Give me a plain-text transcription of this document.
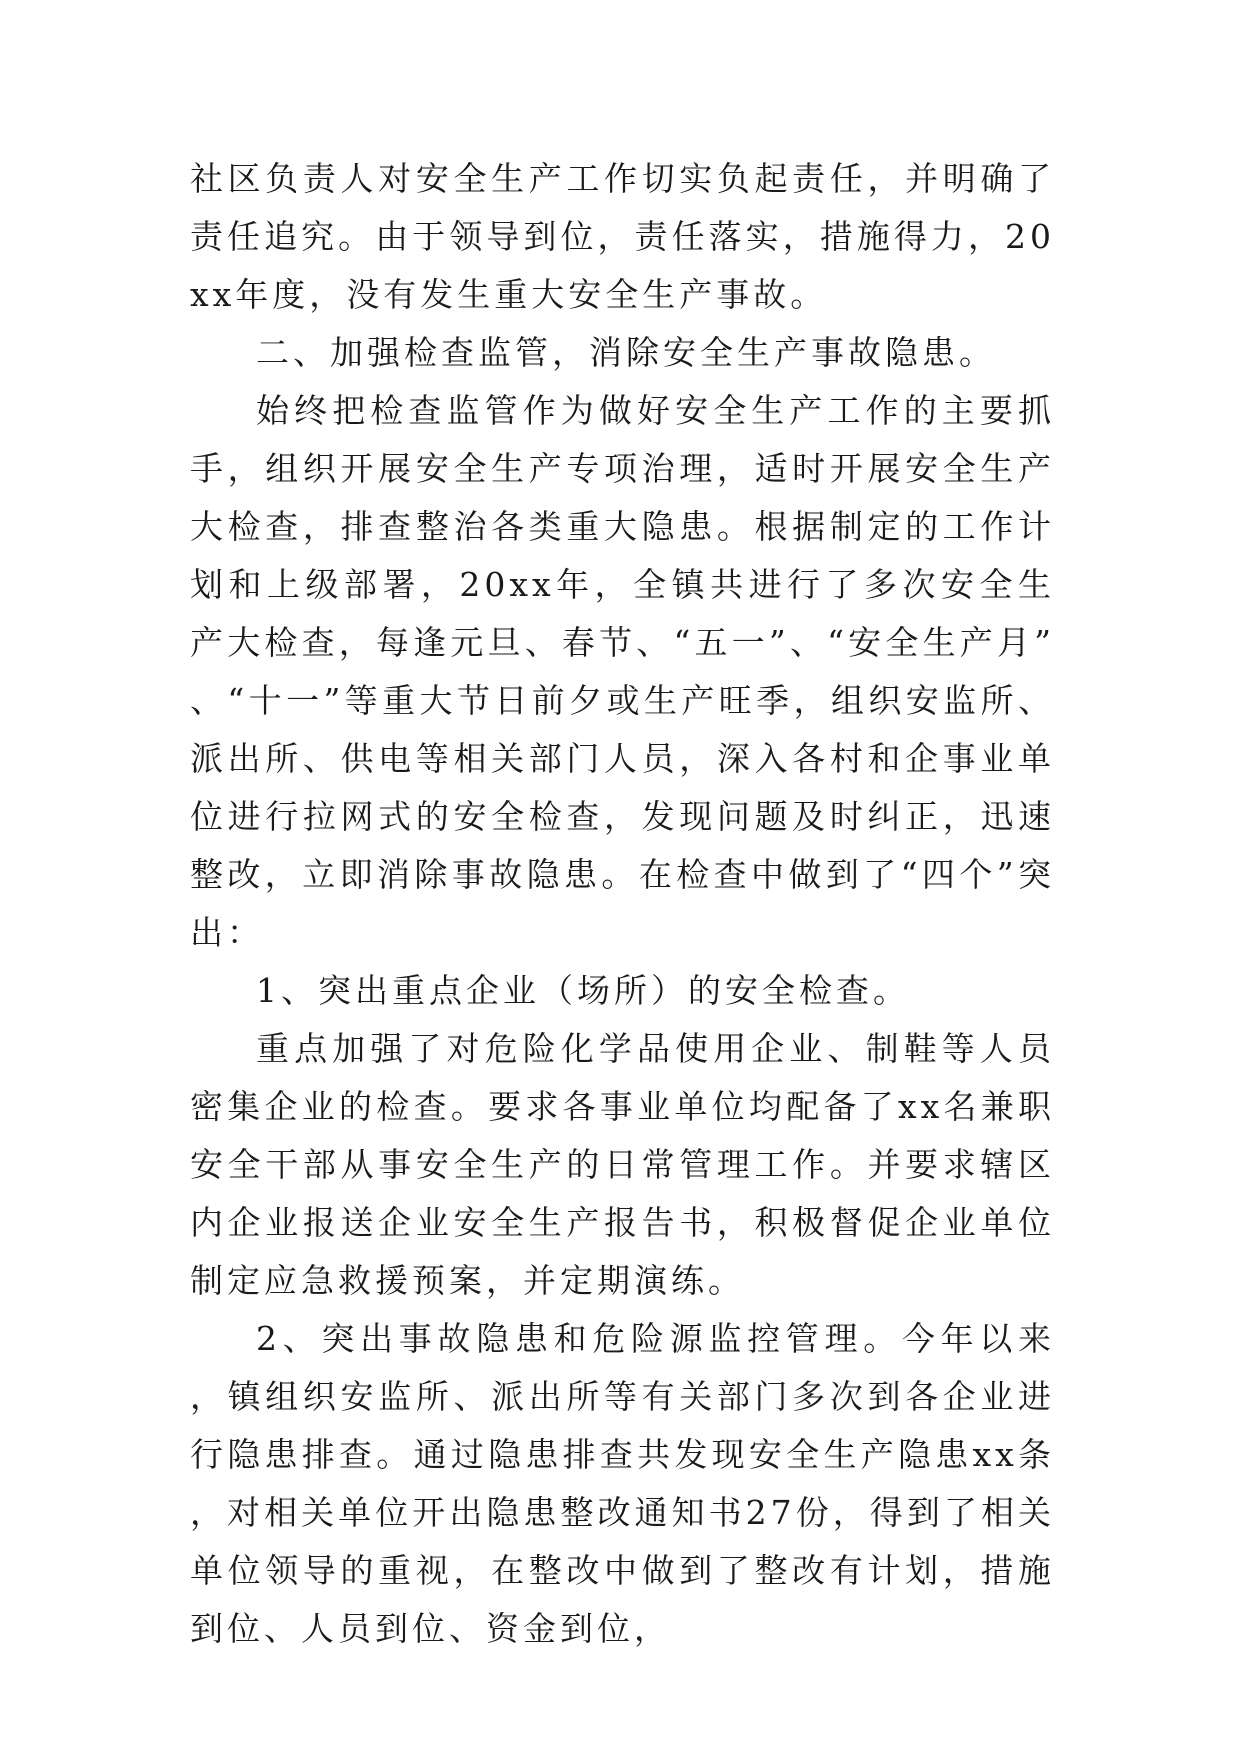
社区负责人对安全生产工作切实负起责任，并明确了责任追究。由于领导到位，责任落实，措施得力，20xx年度，没有发生重大安全生产事故。

二、加强检查监管，消除安全生产事故隐患。

始终把检查监管作为做好安全生产工作的主要抓手，组织开展安全生产专项治理，适时开展安全生产大检查，排查整治各类重大隐患。根据制定的工作计划和上级部署，20xx年，全镇共进行了多次安全生产大检查，每逢元旦、春节、“五一”、“安全生产月”、“十一”等重大节日前夕或生产旺季，组织安监所、派出所、供电等相关部门人员，深入各村和企事业单位进行拉网式的安全检查，发现问题及时纠正，迅速整改，立即消除事故隐患。在检查中做到了“四个”突出：

1、突出重点企业（场所）的安全检查。

重点加强了对危险化学品使用企业、制鞋等人员密集企业的检查。要求各事业单位均配备了xx名兼职安全干部从事安全生产的日常管理工作。并要求辖区内企业报送企业安全生产报告书，积极督促企业单位制定应急救援预案，并定期演练。

2、突出事故隐患和危险源监控管理。今年以来，镇组织安监所、派出所等有关部门多次到各企业进行隐患排查。通过隐患排查共发现安全生产隐患xx条，对相关单位开出隐患整改通知书27份，得到了相关单位领导的重视，在整改中做到了整改有计划，措施到位、人员到位、资金到位，
